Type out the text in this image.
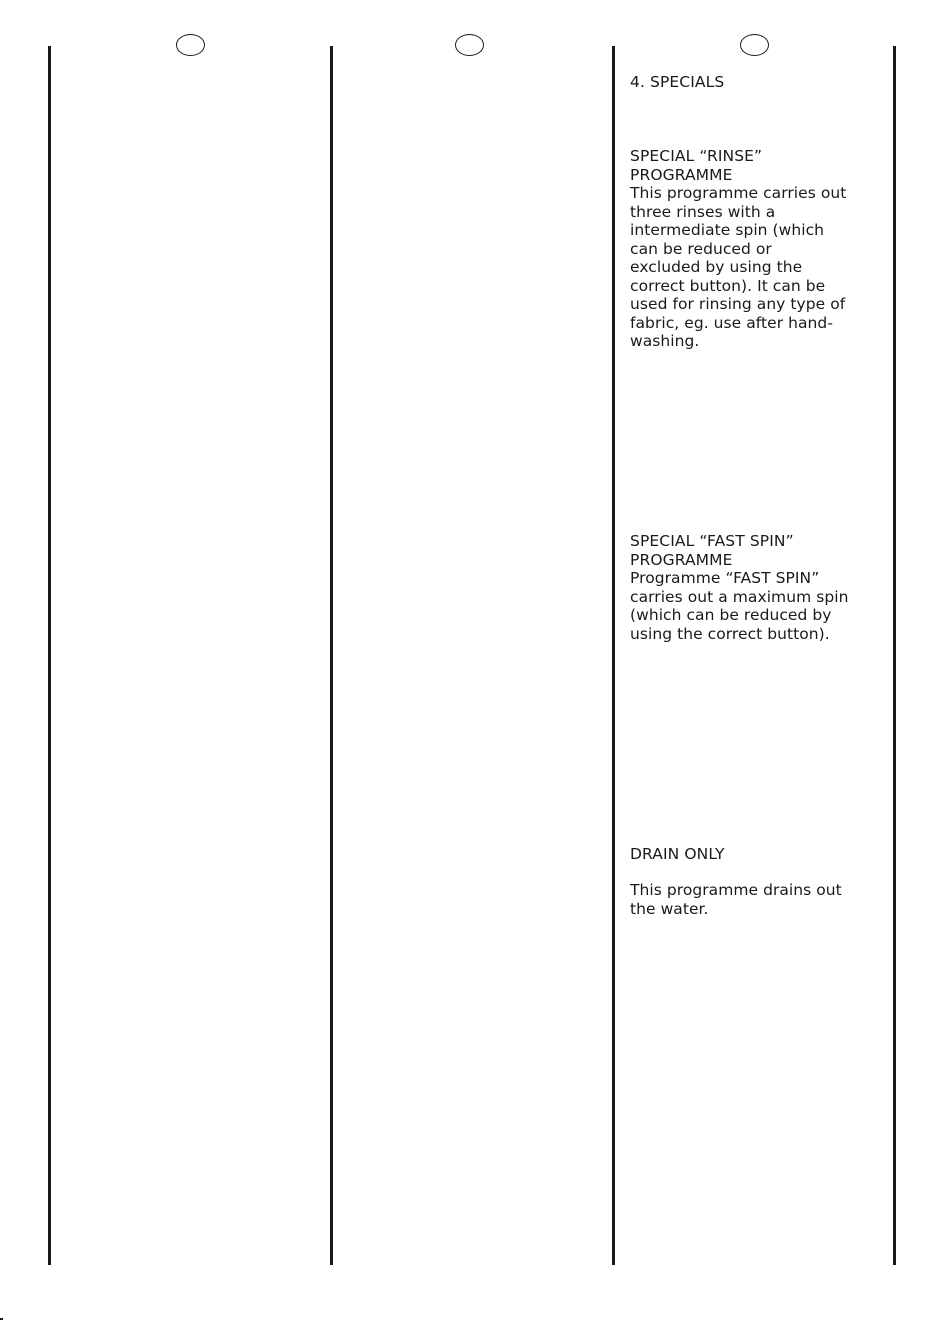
4. SPECIALS

SPECIAL “RINSE”

PROGRAMME

This programme carries out

three rinses with a

intermediate spin (which

can be reduced or

excluded by using the

correct button). It can be

used for rinsing any type of

fabric, eg. use after hand-

washing.

SPECIAL “FAST SPIN”

PROGRAMME

Programme “FAST SPIN”

carries out a maximum spin

(which can be reduced by

using the correct button).

DRAIN ONLY

This programme drains out

the water.
